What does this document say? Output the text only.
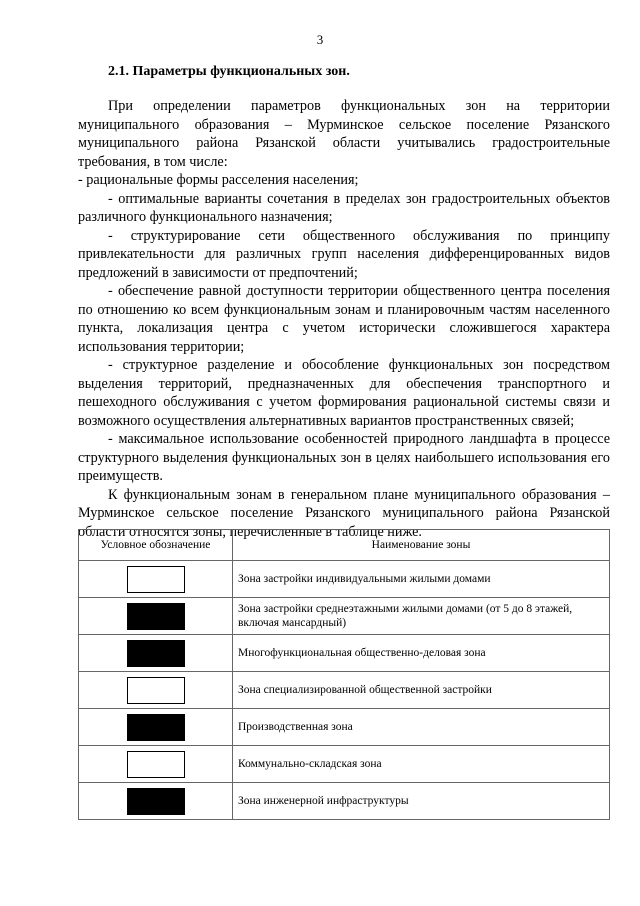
3
2.1. Параметры функциональных зон.

При определении параметров функциональных зон на территории муниципального образования – Мурминское сельское поселение Рязанского муниципального района Рязанской области учитывались градостроительные требования, в том числе:

- рациональные формы расселения населения;

- оптимальные варианты сочетания в пределах зон градостроительных объектов различного функционального назначения;

- структурирование сети общественного обслуживания по принципу привлекательности для различных групп населения дифференцированных видов предложений в зависимости от предпочтений;

- обеспечение равной доступности территории общественного центра поселения по отношению ко всем функциональным зонам и планировочным частям населенного пункта, локализация центра с учетом исторически сложившегося характера использования территории;

- структурное разделение и обособление функциональных зон посредством выделения территорий, предназначенных для обеспечения транспортного и пешеходного обслуживания с учетом формирования рациональной системы связи и возможного осуществления альтернативных вариантов пространственных связей;

- максимальное использование особенностей природного ландшафта в процессе структурного выделения функциональных зон в целях наибольшего использования его преимуществ.

К функциональным зонам в генеральном плане муниципального образования – Мурминское сельское поселение Рязанского муниципального района Рязанской области относятся зоны, перечисленные в таблице ниже.

Условное обозначение	Наименование зоны
	Зона застройки индивидуальными жилыми домами
	Зона застройки среднеэтажными жилыми домами (от 5 до 8 этажей, включая мансардный)
	Многофункциональная общественно-деловая зона
	Зона специализированной общественной застройки
	Производственная зона
	Коммунально-складская зона
	Зона инженерной инфраструктуры
